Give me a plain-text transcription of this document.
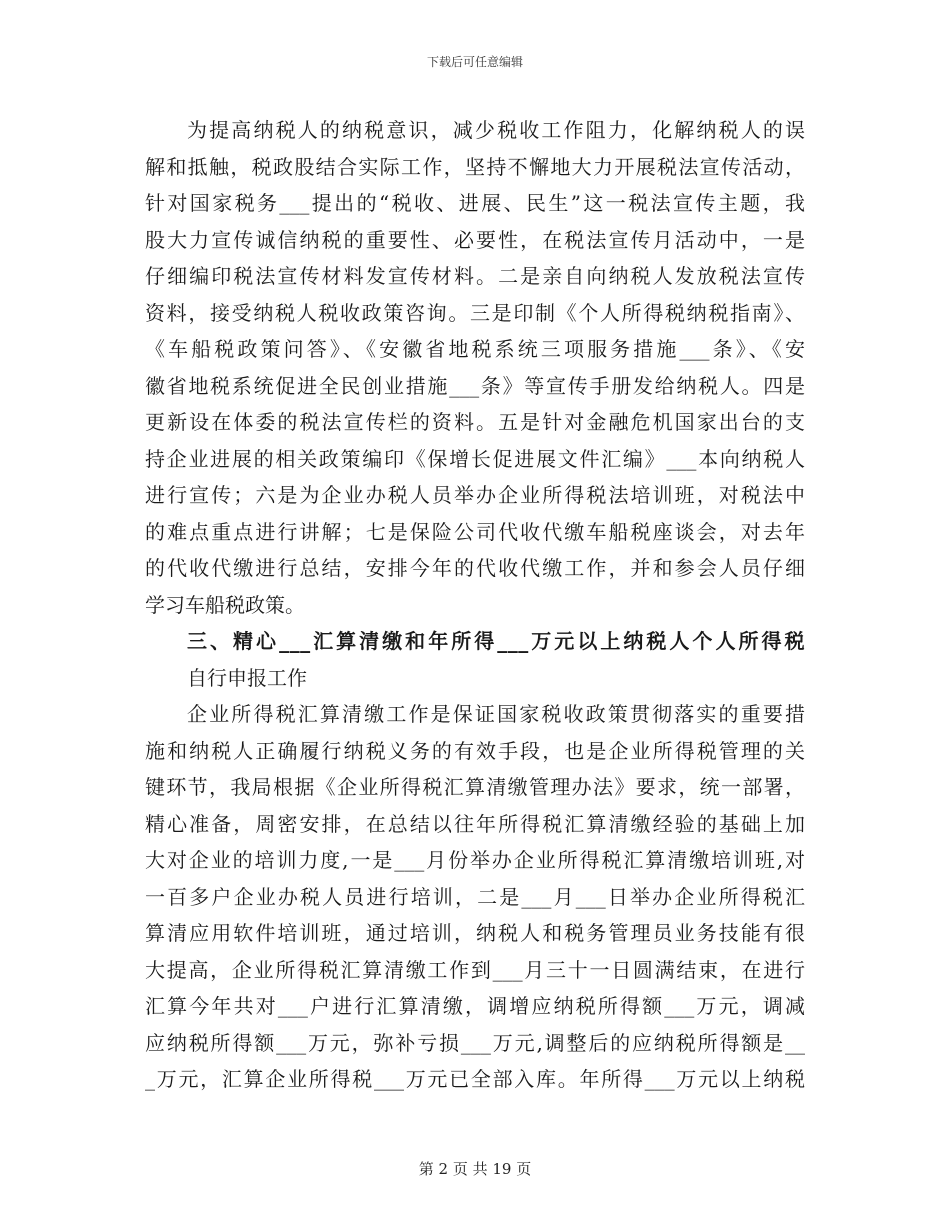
下载后可任意编辑
为提高纳税人的纳税意识，减少税收工作阻力，化解纳税人的误
解和抵触，税政股结合实际工作，坚持不懈地大力开展税法宣传活动，
针对国家税务___提出的“税收、进展、民生”这一税法宣传主题，我
股大力宣传诚信纳税的重要性、必要性，在税法宣传月活动中，一是
仔细编印税法宣传材料发宣传材料。二是亲自向纳税人发放税法宣传
资料，接受纳税人税收政策咨询。三是印制《个人所得税纳税指南》、
《车船税政策问答》、《安徽省地税系统三项服务措施___条》、《安
徽省地税系统促进全民创业措施___条》等宣传手册发给纳税人。四是
更新设在体委的税法宣传栏的资料。五是针对金融危机国家出台的支
持企业进展的相关政策编印《保增长促进展文件汇编》___本向纳税人
进行宣传；六是为企业办税人员举办企业所得税法培训班，对税法中
的难点重点进行讲解；七是保险公司代收代缴车船税座谈会，对去年
的代收代缴进行总结，安排今年的代收代缴工作，并和参会人员仔细
学习车船税政策。
三、精心___汇算清缴和年所得___万元以上纳税人个人所得税
自行申报工作
企业所得税汇算清缴工作是保证国家税收政策贯彻落实的重要措
施和纳税人正确履行纳税义务的有效手段，也是企业所得税管理的关
键环节，我局根据《企业所得税汇算清缴管理办法》要求，统一部署，
精心准备，周密安排，在总结以往年所得税汇算清缴经验的基础上加
大对企业的培训力度,一是___月份举办企业所得税汇算清缴培训班,对
一百多户企业办税人员进行培训，二是___月___日举办企业所得税汇
算清应用软件培训班，通过培训，纳税人和税务管理员业务技能有很
大提高，企业所得税汇算清缴工作到___月三十一日圆满结束，在进行
汇算今年共对___户进行汇算清缴，调增应纳税所得额___万元，调减
应纳税所得额___万元，弥补亏损___万元,调整后的应纳税所得额是__
_万元，汇算企业所得税___万元已全部入库。年所得___万元以上纳税
第 2 页 共 19 页
